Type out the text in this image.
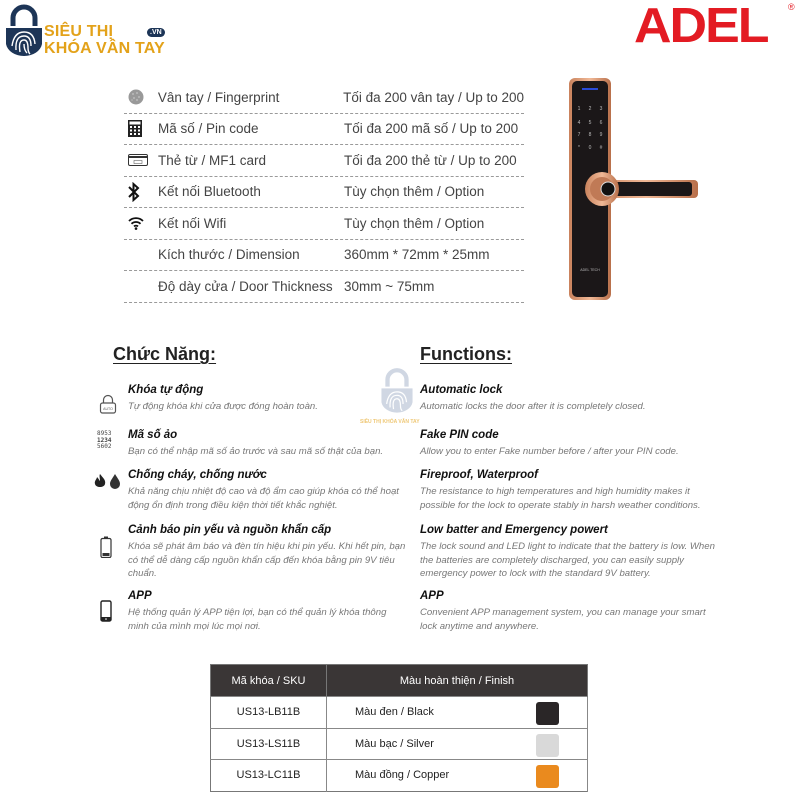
SIÊU THỊ
KHÓA VÂN TAY
.VN	ADEL ®
Vân tay / Fingerprint	Tối đa 200 vân tay / Up to 200
Mã số / Pin code	Tối đa 200 mã số / Up to 200
Thẻ từ / MF1 card	Tối đa 200 thẻ từ / Up to 200
Kết nối Bluetooth	Tùy chọn thêm / Option
Kết nối Wifi	Tùy chọn thêm / Option
Kích thước / Dimension	360mm * 72mm * 25mm
Độ dày cửa / Door Thickness 30mm ~ 75mm
1 2 3
4 5 6
7 8 9
* 0 #
ADEL TECH
SIÊU THỊ KHÓA VÂN TAY
Chức Năng:
AUTO
Khóa tự động
Tự động khóa khi cửa được đóng hoàn toàn.
8953
1234
5602
Mã số ảo
Bạn có thể nhập mã số ảo trước và sau mã số thật của bạn.
Chống cháy, chống nước
Khả năng chịu nhiệt độ cao và độ ẩm cao giúp khóa có thể hoạt động ổn định trong điều kiện thời tiết khắc nghiệt.
Cảnh báo pin yếu và nguồn khẩn cấp
Khóa sẽ phát âm báo và đèn tín hiệu khi pin yếu. Khi hết pin, bạn có thể dễ dàng cấp nguồn khẩn cấp đến khóa bằng pin 9V tiêu chuẩn.
APP
Hệ thống quản lý APP tiện lợi, bạn có thể quản lý khóa thông minh của mình mọi lúc mọi nơi.
Functions:
Automatic lock
Automatic locks the door after it is completely closed.
Fake PIN code
Allow you to enter Fake number before / after your PIN code.
Fireproof, Waterproof
The resistance to high temperatures and high humidity makes it possible for the lock to operate stably in harsh weather conditions.
Low batter and Emergency powert
The lock sound and LED light to indicate that the battery is low. When the batteries are completely discharged, you can easily supply emergency power to lock with the standard 9V battery.
APP
Convenient APP management system, you can manage your smart lock anytime and anywhere.
Mã khóa / SKU	Màu hoàn thiện / Finish
US13-LB11B	Màu đen / Black

US13-LS11B	Màu bạc / Silver

US13-LC11B	Màu đồng / Copper
